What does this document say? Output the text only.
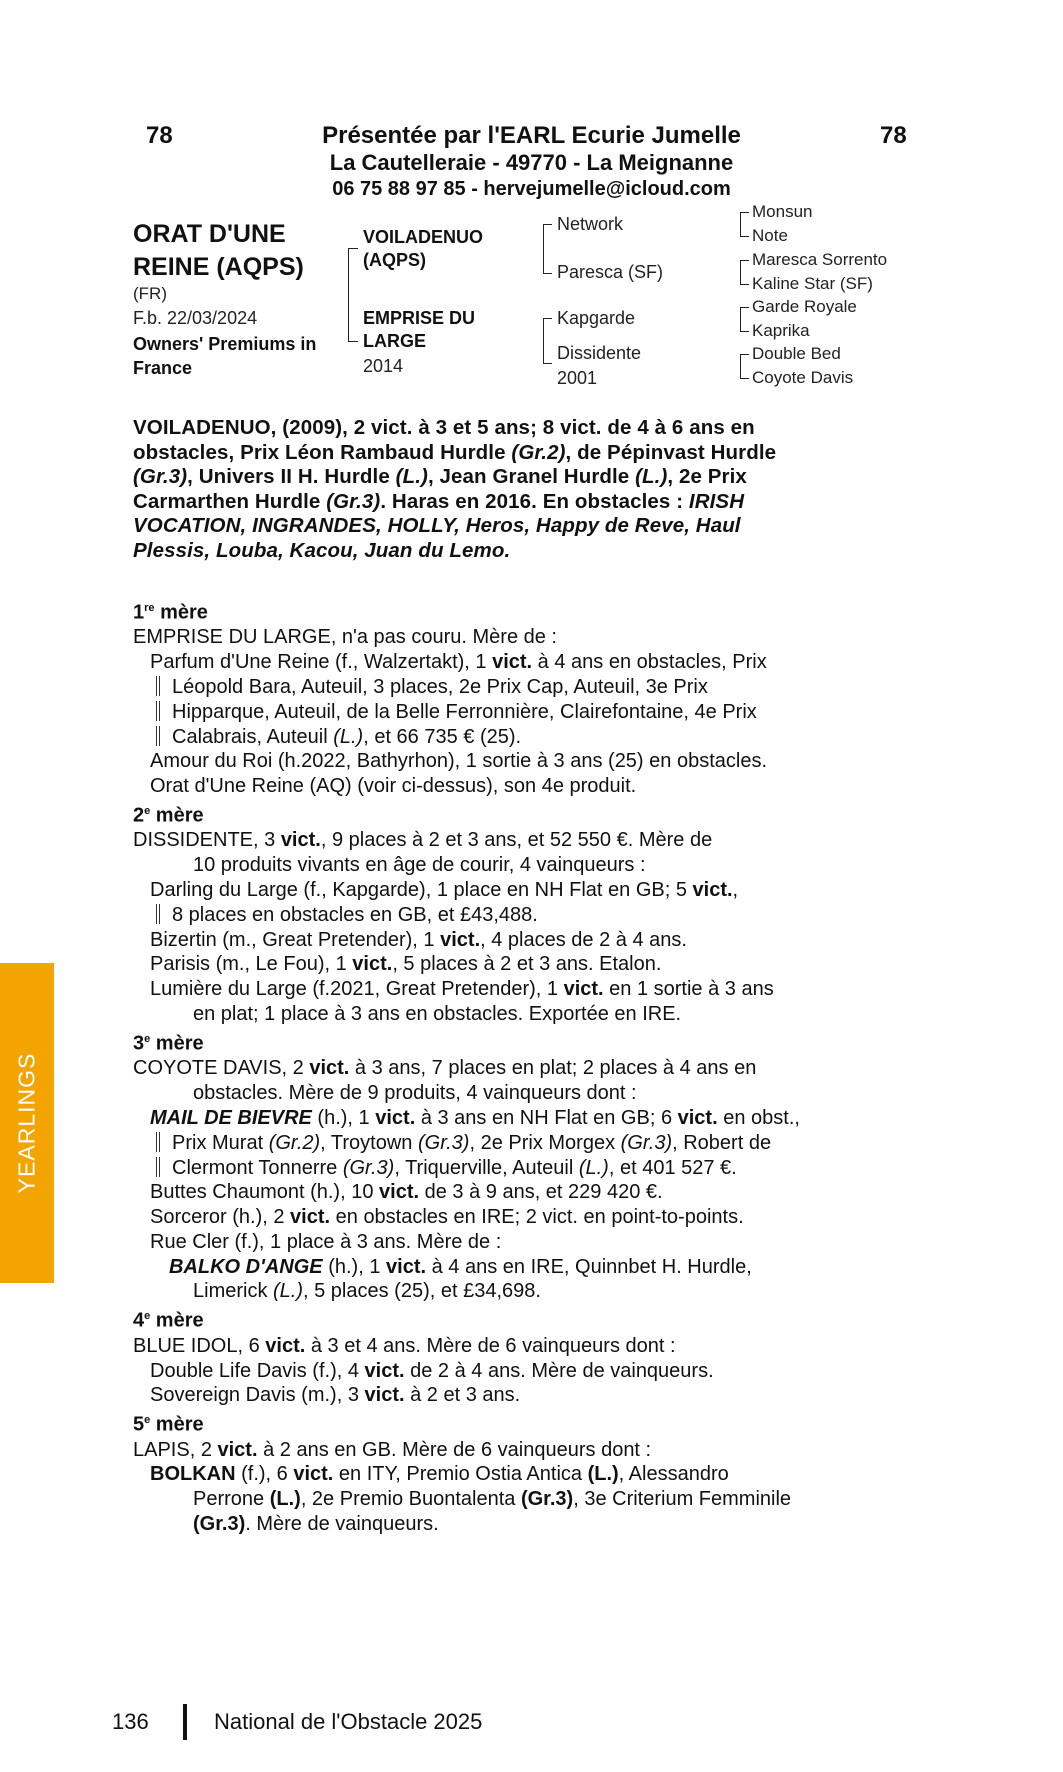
78	78
Présentée par l'EARL Ecurie Jumelle
La Cautelleraie - 49770 - La Meignanne
06 75 88 97 85 - hervejumelle@icloud.com
ORAT D'UNE
REINE (AQPS)
(FR)
F.b. 22/03/2024
Owners' Premiums in
France
VOILADENUO
(AQPS)
EMPRISE DU
LARGE
2014
Network
Paresca (SF)
Kapgarde
Dissidente
2001
Monsun
Note
Maresca Sorrento
Kaline Star (SF)
Garde Royale
Kaprika
Double Bed
Coyote Davis
VOILADENUO, (2009), 2 vict. à 3 et 5 ans; 8 vict. de 4 à 6 ans en
obstacles, Prix Léon Rambaud Hurdle (Gr.2), de Pépinvast Hurdle
(Gr.3), Univers II H. Hurdle (L.), Jean Granel Hurdle (L.), 2e Prix
Carmarthen Hurdle (Gr.3). Haras en 2016. En obstacles : IRISH
VOCATION, INGRANDES, HOLLY, Heros, Happy de Reve, Haul
Plessis, Louba, Kacou, Juan du Lemo.
1re mère
EMPRISE DU LARGE, n'a pas couru. Mère de :
Parfum d'Une Reine (f., Walzertakt), 1 vict. à 4 ans en obstacles, Prix
Léopold Bara, Auteuil, 3 places, 2e Prix Cap, Auteuil, 3e Prix
Hipparque, Auteuil, de la Belle Ferronnière, Clairefontaine, 4e Prix
Calabrais, Auteuil (L.), et 66 735 € (25).
Amour du Roi (h.2022, Bathyrhon), 1 sortie à 3 ans (25) en obstacles.
Orat d'Une Reine (AQ) (voir ci-dessus), son 4e produit.
2e mère
DISSIDENTE, 3 vict., 9 places à 2 et 3 ans, et 52 550 €. Mère de
10 produits vivants en âge de courir, 4 vainqueurs :
Darling du Large (f., Kapgarde), 1 place en NH Flat en GB; 5 vict.,
8 places en obstacles en GB, et £43,488.
Bizertin (m., Great Pretender), 1 vict., 4 places de 2 à 4 ans.
Parisis (m., Le Fou), 1 vict., 5 places à 2 et 3 ans. Etalon.
Lumière du Large (f.2021, Great Pretender), 1 vict. en 1 sortie à 3 ans
en plat; 1 place à 3 ans en obstacles. Exportée en IRE.
3e mère
COYOTE DAVIS, 2 vict. à 3 ans, 7 places en plat; 2 places à 4 ans en
obstacles. Mère de 9 produits, 4 vainqueurs dont :
MAIL DE BIEVRE (h.), 1 vict. à 3 ans en NH Flat en GB; 6 vict. en obst.,
Prix Murat (Gr.2), Troytown (Gr.3), 2e Prix Morgex (Gr.3), Robert de
Clermont Tonnerre (Gr.3), Triquerville, Auteuil (L.), et 401 527 €.
Buttes Chaumont (h.), 10 vict. de 3 à 9 ans, et 229 420 €.
Sorceror (h.), 2 vict. en obstacles en IRE; 2 vict. en point-to-points.
Rue Cler (f.), 1 place à 3 ans. Mère de :
BALKO D'ANGE (h.), 1 vict. à 4 ans en IRE, Quinnbet H. Hurdle,
Limerick (L.), 5 places (25), et £34,698.
4e mère
BLUE IDOL, 6 vict. à 3 et 4 ans. Mère de 6 vainqueurs dont :
Double Life Davis (f.), 4 vict. de 2 à 4 ans. Mère de vainqueurs.
Sovereign Davis (m.), 3 vict. à 2 et 3 ans.
5e mère
LAPIS, 2 vict. à 2 ans en GB. Mère de 6 vainqueurs dont :
BOLKAN (f.), 6 vict. en ITY, Premio Ostia Antica (L.), Alessandro
Perrone (L.), 2e Premio Buontalenta (Gr.3), 3e Criterium Femminile
(Gr.3). Mère de vainqueurs.
YEARLINGS
136	National de l'Obstacle 2025
